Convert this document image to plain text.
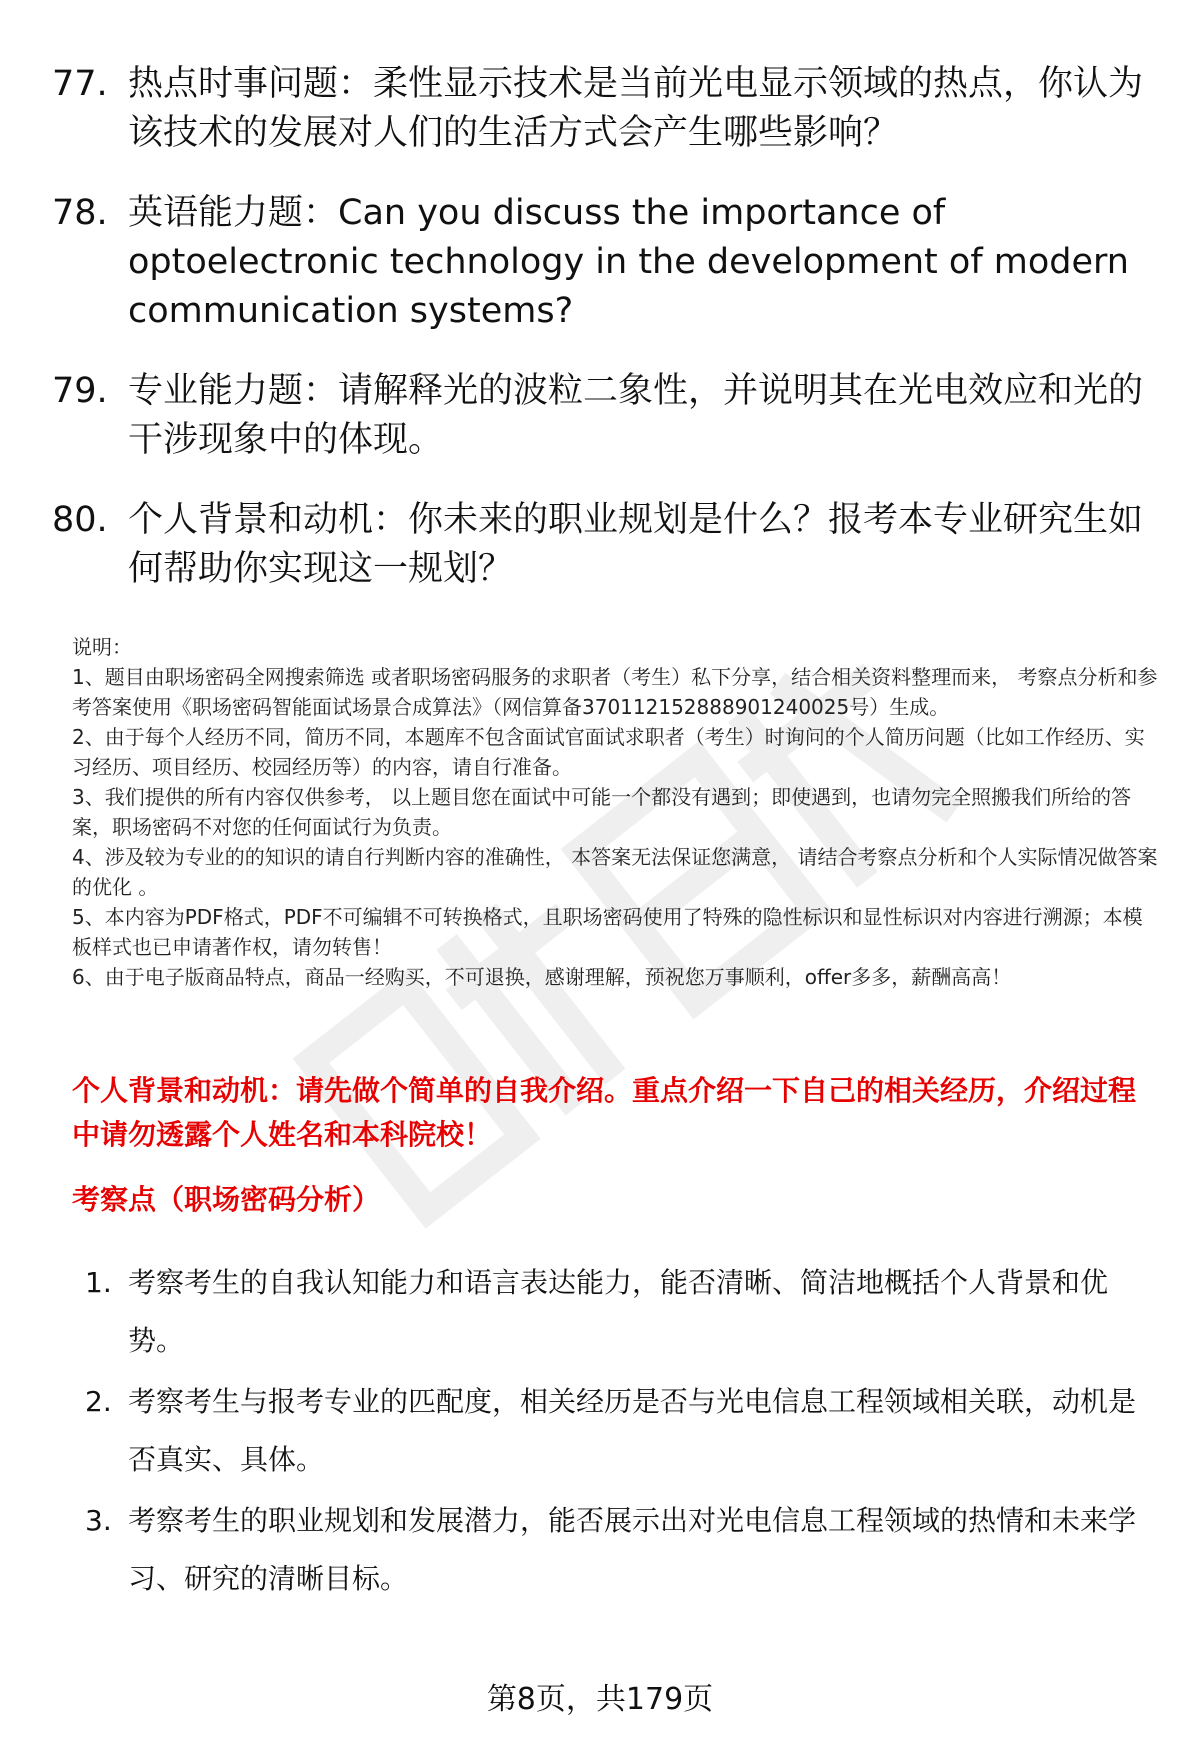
77. 热点时事问题：柔性显示技术是当前光电显示领域的热点，你认为该技术的发展对人们的生活方式会产生哪些影响？
78. 英语能力题：Can you discuss the importance of optoelectronic technology in the development of modern communication systems?
79. 专业能力题：请解释光的波粒二象性，并说明其在光电效应和光的干涉现象中的体现。
80. 个人背景和动机：你未来的职业规划是什么？报考本专业研究生如何帮助你实现这一规划？

说明：

1、题目由职场密码全网搜索筛选 或者职场密码服务的求职者（考生）私下分享，结合相关资料整理而来， 考察点分析和参考答案使用《职场密码智能面试场景合成算法》（网信算备370112152888901240025号）生成。

2、由于每个人经历不同，简历不同，本题库不包含面试官面试求职者（考生）时询问的个人简历问题（比如工作经历、实习经历、项目经历、校园经历等）的内容，请自行准备。

3、我们提供的所有内容仅供参考， 以上题目您在面试中可能一个都没有遇到；即使遇到，也请勿完全照搬我们所给的答案，职场密码不对您的任何面试行为负责。

4、涉及较为专业的的知识的请自行判断内容的准确性， 本答案无法保证您满意， 请结合考察点分析和个人实际情况做答案的优化 。

5、本内容为PDF格式，PDF不可编辑不可转换格式，且职场密码使用了特殊的隐性标识和显性标识对内容进行溯源；本模板样式也已申请著作权，请勿转售！

6、由于电子版商品特点，商品一经购买，不可退换，感谢理解，预祝您万事顺利，offer多多，薪酬高高！

个人背景和动机：请先做个简单的自我介绍。重点介绍一下自己的相关经历，介绍过程中请勿透露个人姓名和本科院校！
考察点（职场密码分析）
1. 考察考生的自我认知能力和语言表达能力，能否清晰、简洁地概括个人背景和优势。
2. 考察考生与报考专业的匹配度，相关经历是否与光电信息工程领域相关联，动机是否真实、具体。
3. 考察考生的职业规划和发展潜力，能否展示出对光电信息工程领域的热情和未来学习、研究的清晰目标。
第8页，共179页
